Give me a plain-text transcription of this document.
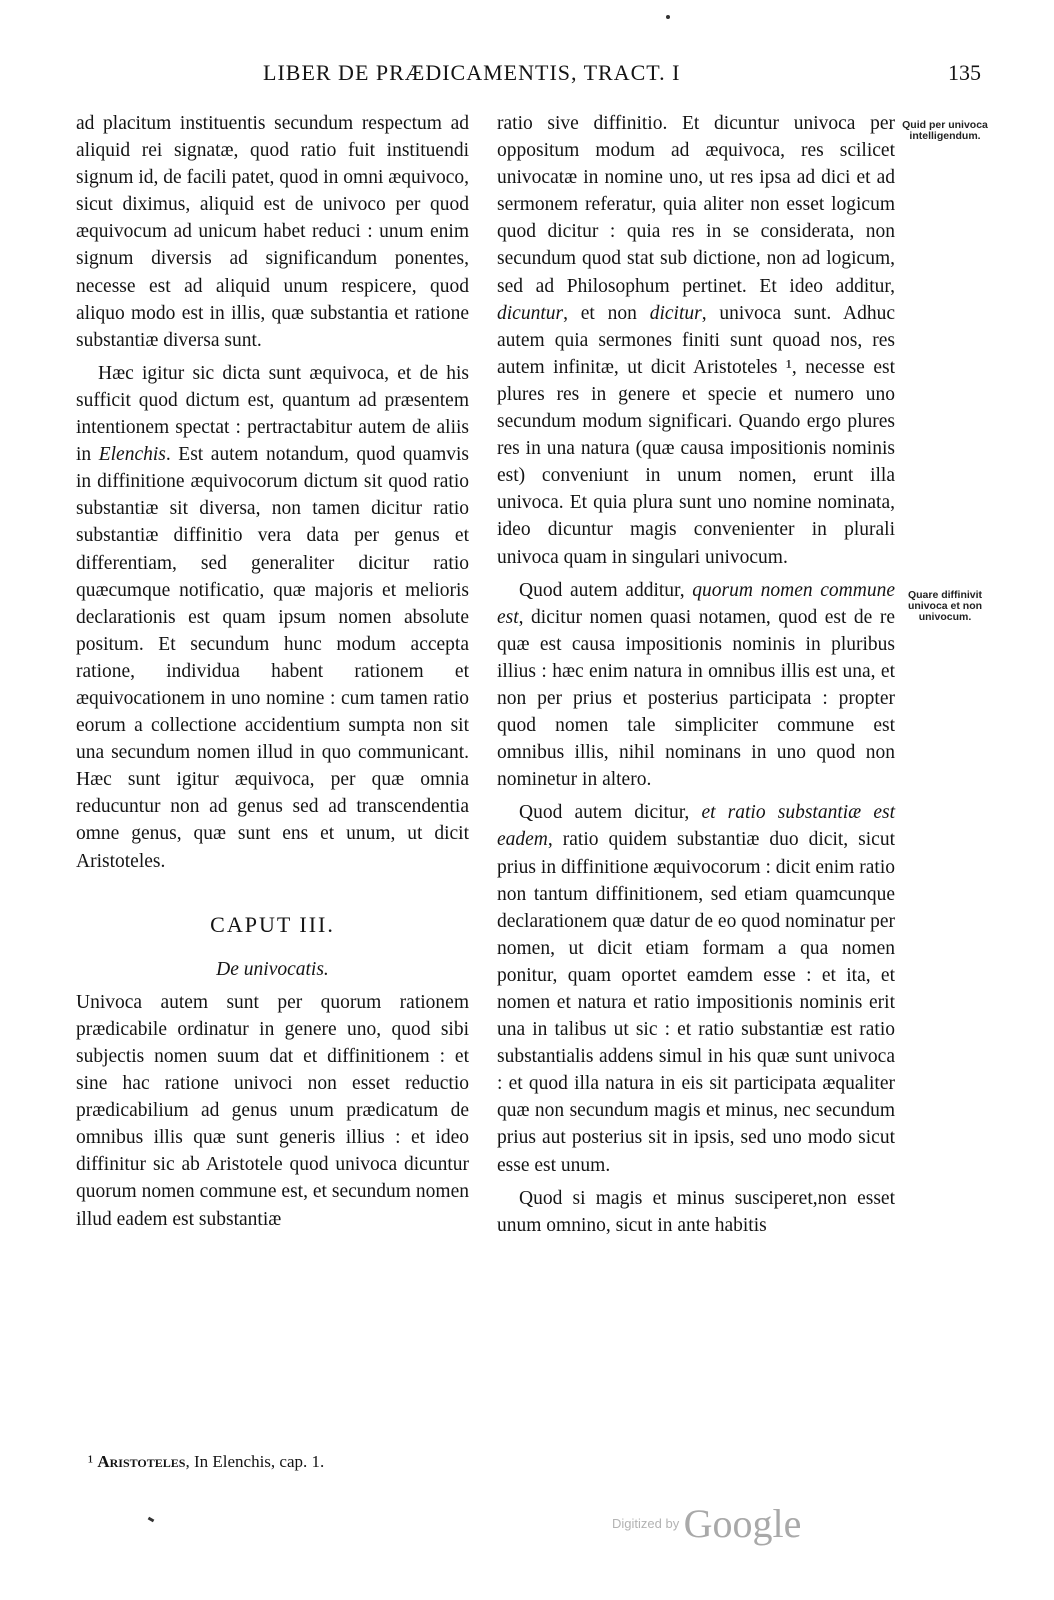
LIBER DE PRÆDICAMENTIS, TRACT. I	135

ad placitum instituentis secundum respectum ad aliquid rei signatæ, quod ratio fuit instituendi signum id, de facili patet, quod in omni æquivoco, sicut diximus, aliquid est de univoco per quod æquivocum ad unicum habet reduci : unum enim signum diversis ad significandum ponentes, necesse est ad aliquid unum respicere, quod aliquo modo est in illis, quæ substantia et ratione substantiæ diversa sunt.

Hæc igitur sic dicta sunt æquivoca, et de his sufficit quod dictum est, quantum ad præsentem intentionem spectat : pertractabitur autem de aliis in Elenchis. Est autem notandum, quod quamvis in diffinitione æquivocorum dictum sit quod ratio substantiæ sit diversa, non tamen dicitur ratio substantiæ diffinitio vera data per genus et differentiam, sed generaliter dicitur ratio quæcumque notificatio, quæ majoris et melioris declarationis est quam ipsum nomen absolute positum. Et secundum hunc modum accepta ratione, individua habent rationem et æquivocationem in uno nomine : cum tamen ratio eorum a collectione accidentium sumpta non sit una secundum nomen illud in quo communicant. Hæc sunt igitur æquivoca, per quæ omnia reducuntur non ad genus sed ad transcendentia omne genus, quæ sunt ens et unum, ut dicit Aristoteles.

CAPUT III.

De univocatis.

Univoca autem sunt per quorum rationem prædicabile ordinatur in genere uno, quod sibi subjectis nomen suum dat et diffinitionem : et sine hac ratione univoci non esset reductio prædicabilium ad genus unum prædicatum de omnibus illis quæ sunt generis illius : et ideo diffinitur sic ab Aristotele quod univoca dicuntur quorum nomen commune est, et secundum nomen illud eadem est substantiæ

ratio sive diffinitio. Et dicuntur univoca per oppositum modum ad æquivoca, res scilicet univocatæ in nomine uno, ut res ipsa ad dici et ad sermonem referatur, quia aliter non esset logicum quod dicitur : quia res in se considerata, non secundum quod stat sub dictione, non ad logicum, sed ad Philosophum pertinet. Et ideo additur, dicuntur, et non dicitur, univoca sunt. Adhuc autem quia sermones finiti sunt quoad nos, res autem infinitæ, ut dicit Aristoteles ¹, necesse est plures res in genere et specie et numero uno secundum modum significari. Quando ergo plures res in una natura (quæ causa impositionis nominis est) conveniunt in unum nomen, erunt illa univoca. Et quia plura sunt uno nomine nominata, ideo dicuntur magis convenienter in plurali univoca quam in singulari univocum.

Quod autem additur, quorum nomen commune est, dicitur nomen quasi notamen, quod est de re quæ est causa impositionis nominis in pluribus illius : hæc enim natura in omnibus illis est una, et non per prius et posterius participata : propter quod nomen tale simpliciter commune est omnibus illis, nihil nominans in uno quod non nominetur in altero.

Quod autem dicitur, et ratio substantiæ est eadem, ratio quidem substantiæ duo dicit, sicut prius in diffinitione æquivocorum : dicit enim ratio non tantum diffinitionem, sed etiam quamcunque declarationem quæ datur de eo quod nominatur per nomen, ut dicit etiam formam a qua nomen ponitur, quam oportet eamdem esse : et ita, et nomen et natura et ratio impositionis nominis erit una in talibus ut sic : et ratio substantiæ est ratio substantialis addens simul in his quæ sunt univoca : et quod illa natura in eis sit participata æqualiter quæ non secundum magis et minus, nec secundum prius aut posterius sit in ipsis, sed uno modo sicut esse est unum.

Quod si magis et minus susciperet,non esset unum omnino, sicut in ante habitis

Quid per univoca intelligendum.
Quare diffinivit univoca et non univocum.
¹ Aristoteles, In Elenchis, cap. 1.
Digitized by Google
